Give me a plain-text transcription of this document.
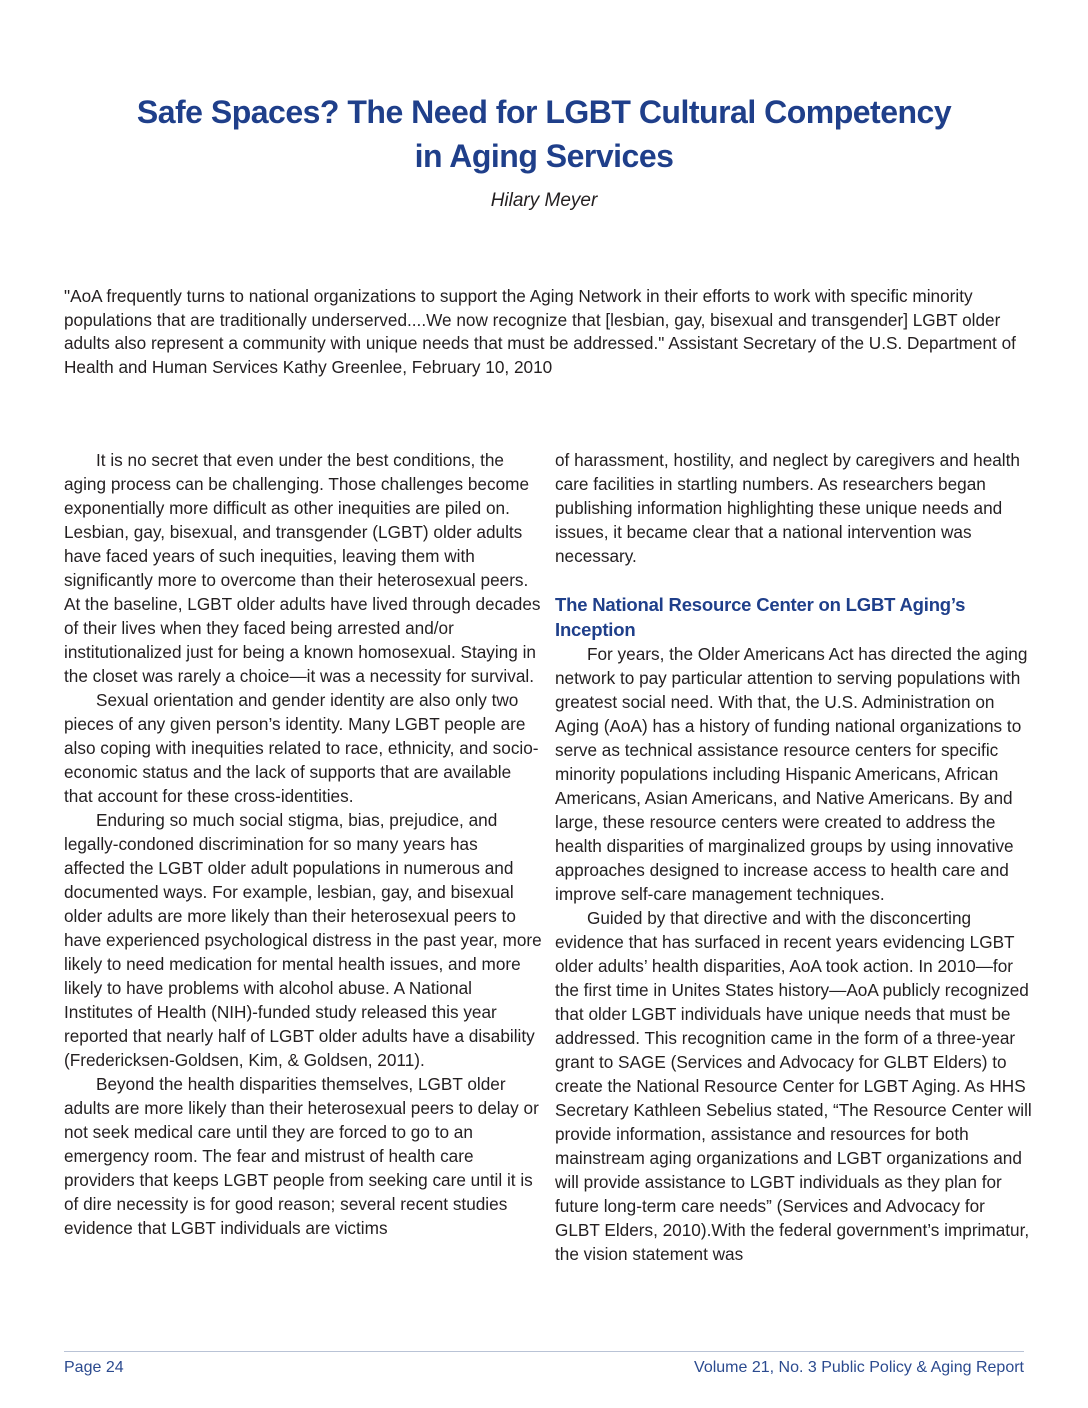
Safe Spaces? The Need for LGBT Cultural Competency
in Aging Services
Hilary Meyer
"AoA frequently turns to national organizations to support the Aging Network in their efforts to work with specific minority populations that are traditionally underserved....We now recognize that [lesbian, gay, bisexual and transgender] LGBT older adults also represent a community with unique needs that must be addressed." Assistant Secretary of the U.S. Department of Health and Human Services Kathy Greenlee, February 10, 2010

It is no secret that even under the best conditions, the aging process can be challenging. Those challenges become exponentially more difficult as other inequities are piled on. Lesbian, gay, bisexual, and transgender (LGBT) older adults have faced years of such inequities, leaving them with significantly more to overcome than their heterosexual peers. At the baseline, LGBT older adults have lived through decades of their lives when they faced being arrested and/or institutionalized just for being a known homosexual. Staying in the closet was rarely a choice—it was a necessity for survival.

Sexual orientation and gender identity are also only two pieces of any given person’s identity. Many LGBT people are also coping with inequities related to race, ethnicity, and socio-economic status and the lack of supports that are available that account for these cross-identities.

Enduring so much social stigma, bias, prejudice, and legally-condoned discrimination for so many years has affected the LGBT older adult populations in numerous and documented ways. For example, lesbian, gay, and bisexual older adults are more likely than their heterosexual peers to have experienced psychological distress in the past year, more likely to need medication for mental health issues, and more likely to have problems with alcohol abuse. A National Institutes of Health (NIH)-funded study released this year reported that nearly half of LGBT older adults have a disability (Fredericksen-Goldsen, Kim, & Goldsen, 2011).

Beyond the health disparities themselves, LGBT older adults are more likely than their heterosexual peers to delay or not seek medical care until they are forced to go to an emergency room. The fear and mistrust of health care providers that keeps LGBT people from seeking care until it is of dire necessity is for good reason; several recent studies evidence that LGBT individuals are victims

of harassment, hostility, and neglect by caregivers and health care facilities in startling numbers. As researchers began publishing information highlighting these unique needs and issues, it became clear that a national intervention was necessary.

The National Resource Center on LGBT Aging’s Inception

For years, the Older Americans Act has directed the aging network to pay particular attention to serving populations with greatest social need. With that, the U.S. Administration on Aging (AoA) has a history of funding national organizations to serve as technical assistance resource centers for specific minority populations including Hispanic Americans, African Americans, Asian Americans, and Native Americans. By and large, these resource centers were created to address the health disparities of marginalized groups by using innovative approaches designed to increase access to health care and improve self-care management techniques.

Guided by that directive and with the disconcerting evidence that has surfaced in recent years evidencing LGBT older adults’ health disparities, AoA took action. In 2010—for the first time in Unites States history—AoA publicly recognized that older LGBT individuals have unique needs that must be addressed. This recognition came in the form of a three-year grant to SAGE (Services and Advocacy for GLBT Elders) to create the National Resource Center for LGBT Aging. As HHS Secretary Kathleen Sebelius stated, “The Resource Center will provide information, assistance and resources for both mainstream aging organizations and LGBT organizations and will provide assistance to LGBT individuals as they plan for future long-term care needs” (Services and Advocacy for GLBT Elders, 2010).With the federal government’s imprimatur, the vision statement was

Page 24	Volume 21, No. 3 Public Policy & Aging Report
